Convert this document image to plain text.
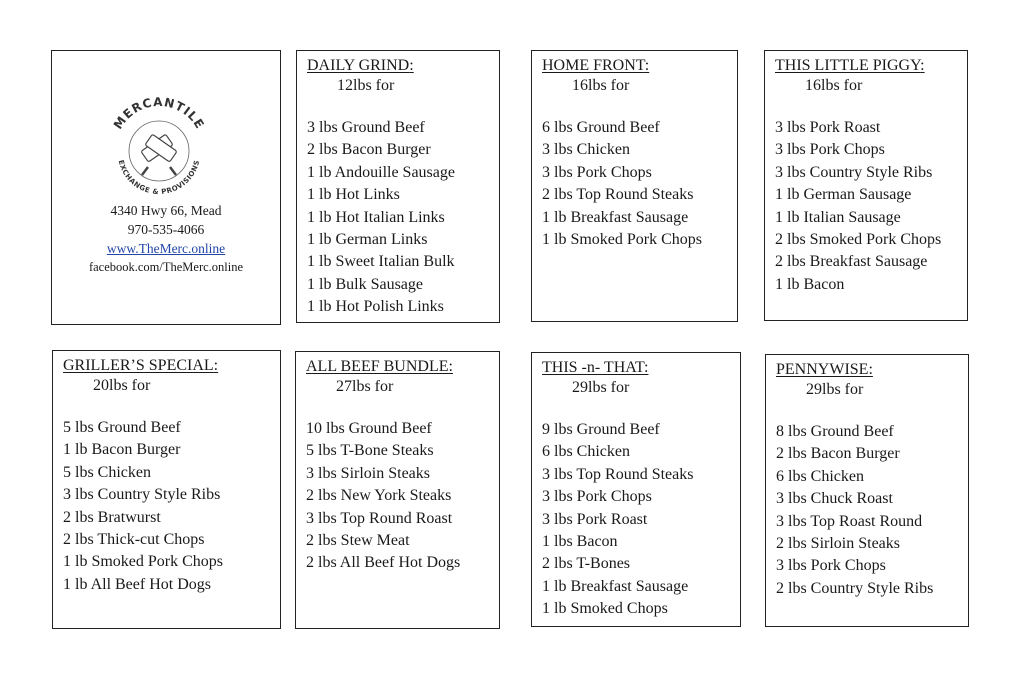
MERCANTILE
EXCHANGE & PROVISIONS
4340 Hwy 66, Mead
970-535-4066
www.TheMerc.online
facebook.com/TheMerc.online
DAILY GRIND:
12lbs for
3 lbs Ground Beef
2 lbs Bacon Burger
1 lb Andouille Sausage
1 lb Hot Links
1 lb Hot Italian Links
1 lb German Links
1 lb Sweet Italian Bulk
1 lb Bulk Sausage
1 lb Hot Polish Links
HOME FRONT:
16lbs for
6 lbs Ground Beef
3 lbs Chicken
3 lbs Pork Chops
2 lbs Top Round Steaks
1 lb Breakfast Sausage
1 lb Smoked Pork Chops
THIS LITTLE PIGGY:
16lbs for
3 lbs Pork Roast
3 lbs Pork Chops
3 lbs Country Style Ribs
1 lb German Sausage
1 lb Italian Sausage
2 lbs Smoked Pork Chops
2 lbs Breakfast Sausage
1 lb Bacon
GRILLER’S SPECIAL:
20lbs for
5 lbs Ground Beef
1 lb Bacon Burger
5 lbs Chicken
3 lbs Country Style Ribs
2 lbs Bratwurst
2 lbs Thick-cut Chops
1 lb Smoked Pork Chops
1 lb All Beef Hot Dogs
ALL BEEF BUNDLE:
27lbs for
10 lbs Ground Beef
5 lbs T-Bone Steaks
3 lbs Sirloin Steaks
2 lbs New York Steaks
3 lbs Top Round Roast
2 lbs Stew Meat
2 lbs All Beef Hot Dogs
THIS -n- THAT:
29lbs for
9 lbs Ground Beef
6 lbs Chicken
3 lbs Top Round Steaks
3 lbs Pork Chops
3 lbs Pork Roast
1 lbs Bacon
2 lbs T-Bones
1 lb Breakfast Sausage
1 lb Smoked Chops
PENNYWISE:
29lbs for
8 lbs Ground Beef
2 lbs Bacon Burger
6 lbs Chicken
3 lbs Chuck Roast
3 lbs Top Roast Round
2 lbs Sirloin Steaks
3 lbs Pork Chops
2 lbs Country Style Ribs
